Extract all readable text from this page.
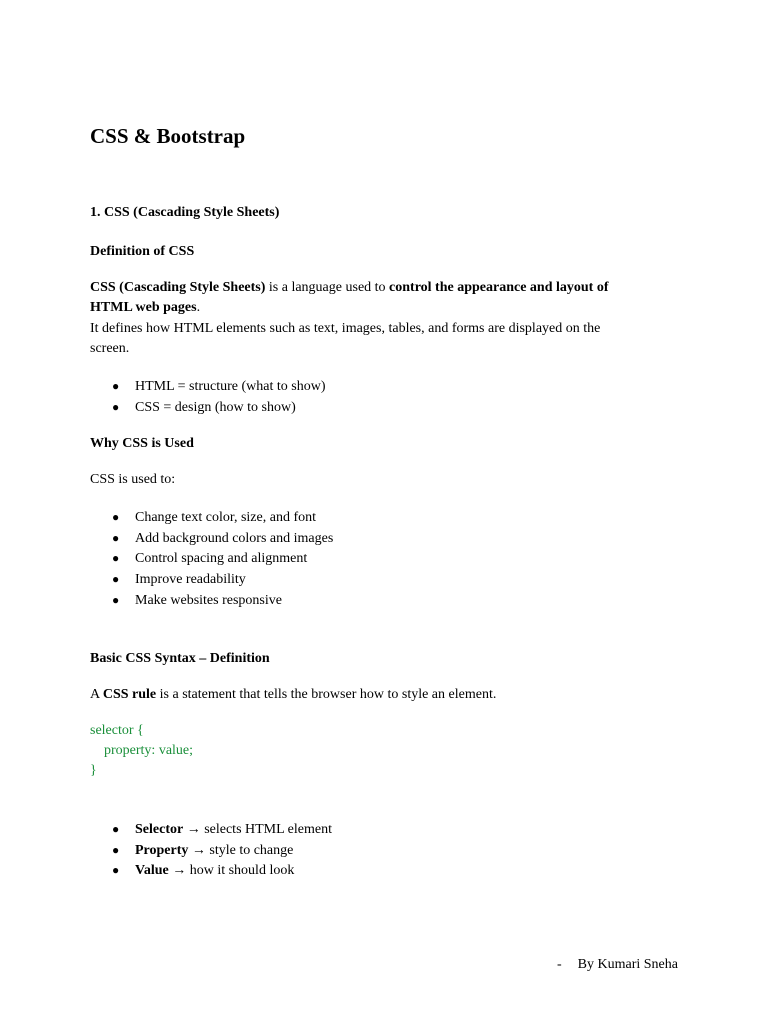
CSS & Bootstrap
1. CSS (Cascading Style Sheets)
Definition of CSS
CSS (Cascading Style Sheets) is a language used to control the appearance and layout of
HTML web pages.
It defines how HTML elements such as text, images, tables, and forms are displayed on the
screen.
● HTML = structure (what to show)
● CSS = design (how to show)
Why CSS is Used
CSS is used to:
● Change text color, size, and font
● Add background colors and images
● Control spacing and alignment
● Improve readability
● Make websites responsive
Basic CSS Syntax – Definition
A CSS rule is a statement that tells the browser how to style an element.
selector {
property: value;
}
● Selector → selects HTML element
● Property → style to change
● Value → how it should look
- By Kumari Sneha
